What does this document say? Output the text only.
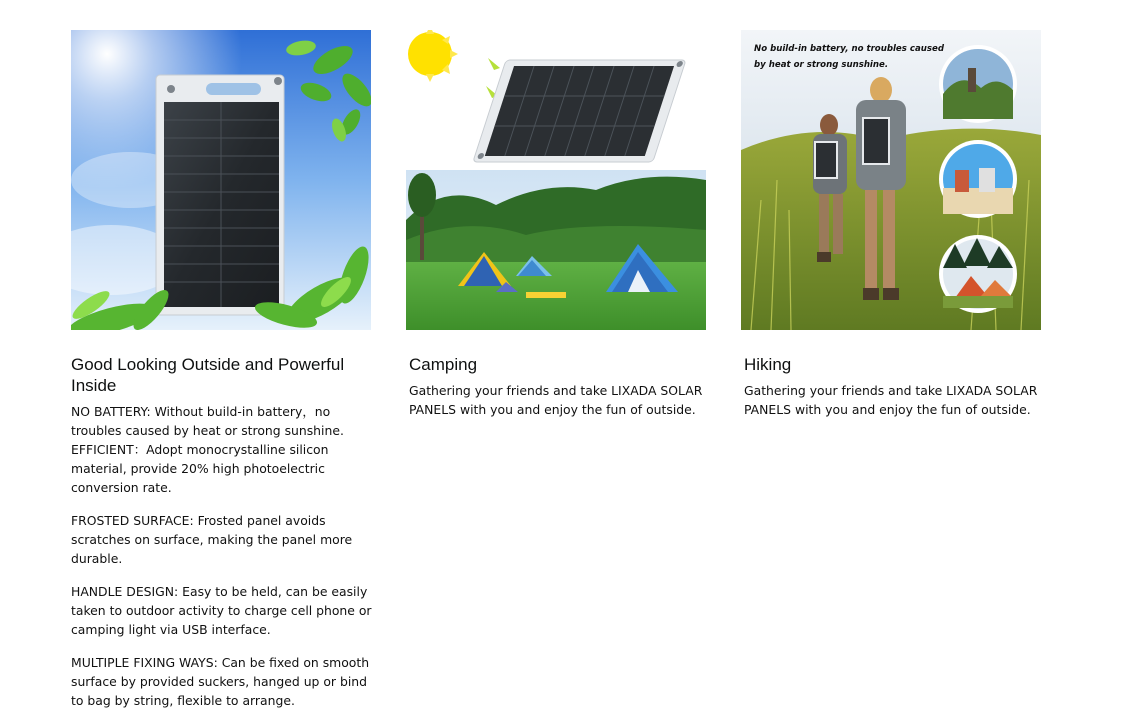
Good Looking Outside and Powerful Inside

NO BATTERY: Without build-in battery，no troubles caused by heat or strong sunshine. EFFICIENT：Adopt monocrystalline silicon material, provide 20% high photoelectric conversion rate.

FROSTED SURFACE: Frosted panel avoids scratches on surface, making the panel more durable.

HANDLE DESIGN: Easy to be held, can be easily taken to outdoor activity to charge cell phone or camping light via USB interface.

MULTIPLE FIXING WAYS: Can be fixed on smooth surface by provided suckers, hanged up or bind to bag by string, flexible to arrange.

Camping

Gathering your friends and take LIXADA SOLAR PANELS with you and enjoy the fun of outside.

No build-in battery, no troubles caused by heat or strong sunshine.
Hiking

Gathering your friends and take LIXADA SOLAR PANELS with you and enjoy the fun of outside.
